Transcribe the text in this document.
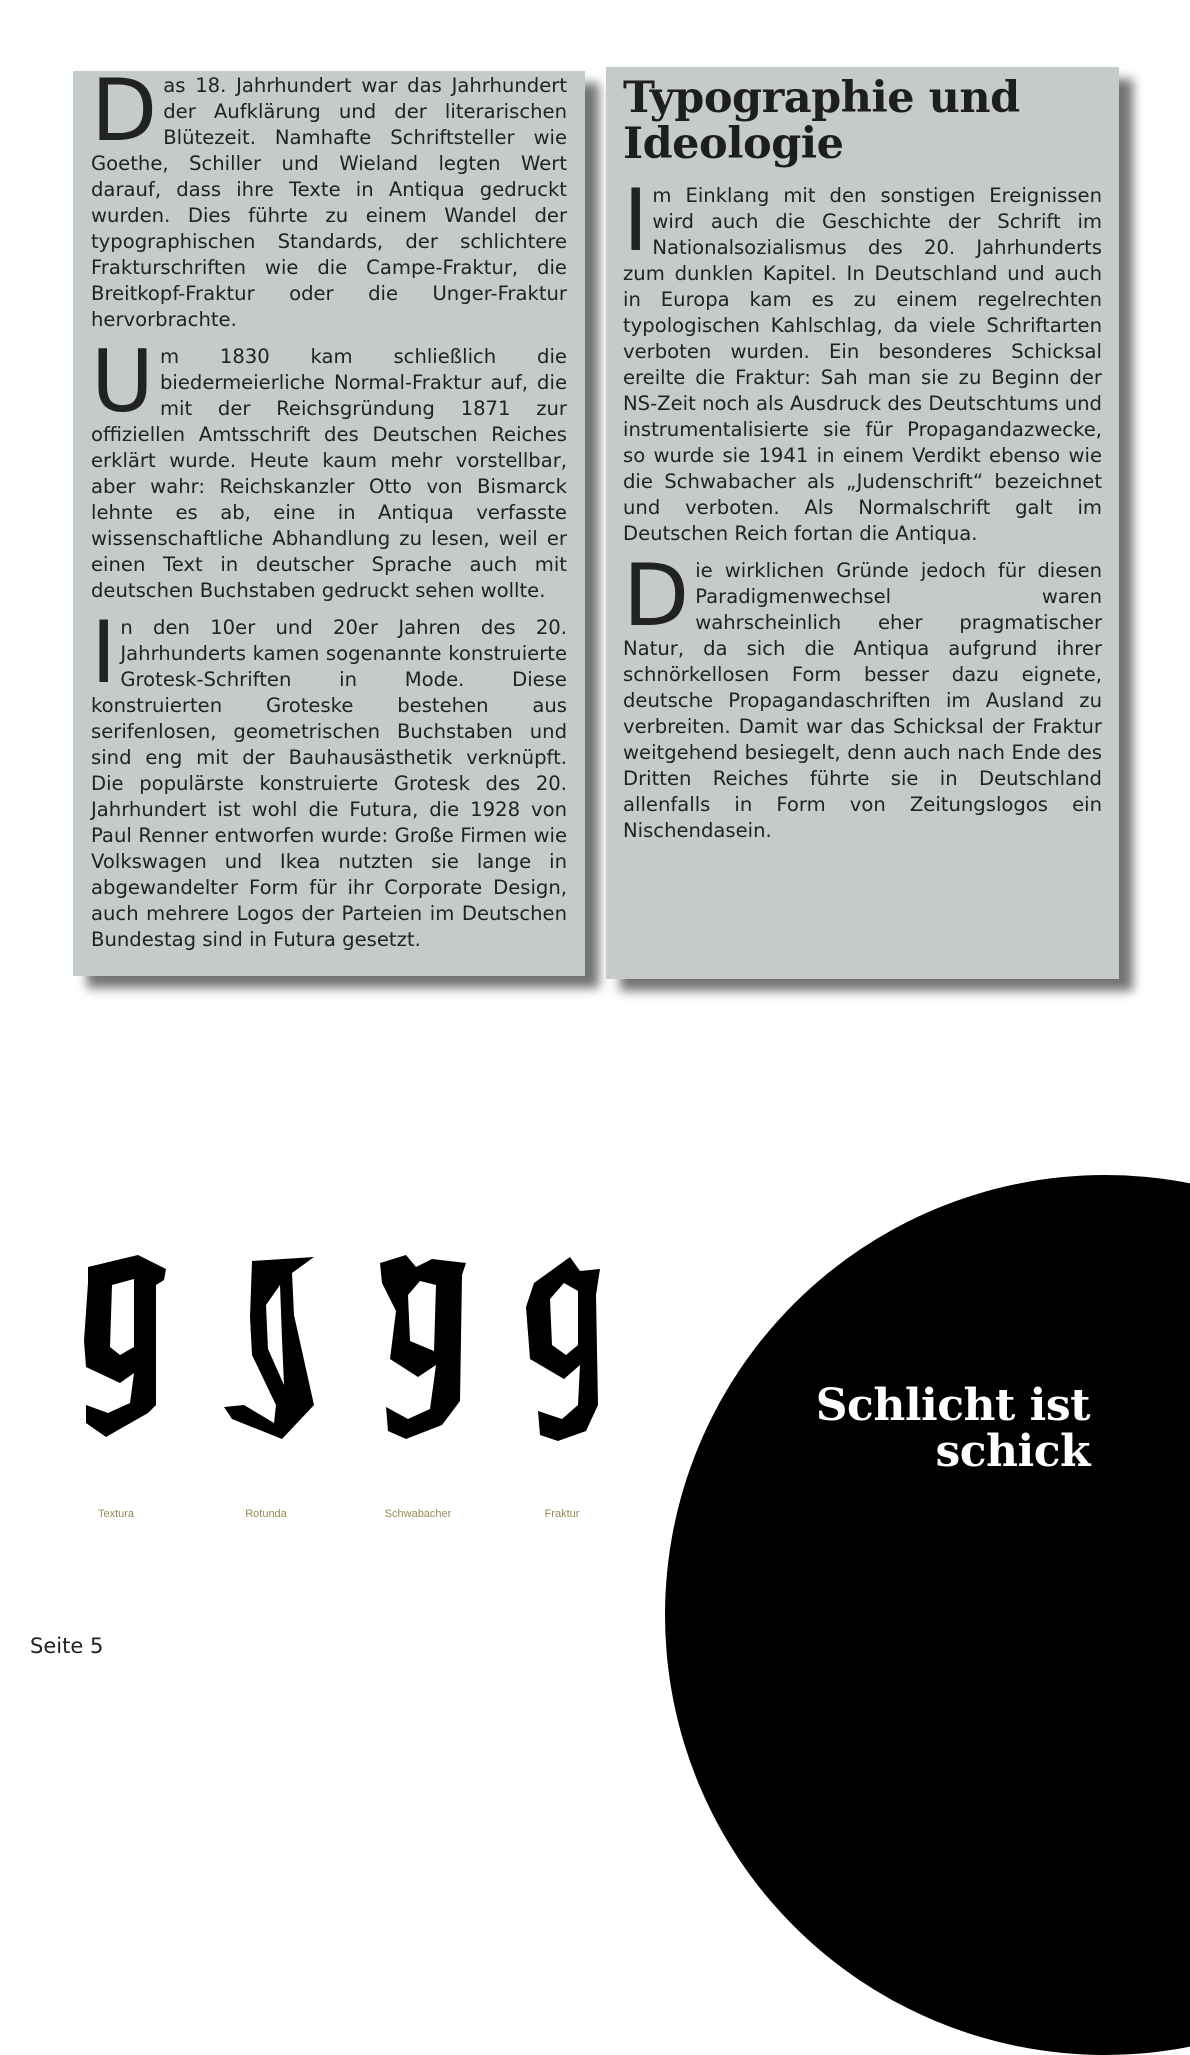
Das 18. Jahrhundert war das Jahrhundert der Aufklärung und der literarischen Blütezeit. Namhafte Schriftsteller wie Goethe, Schiller und Wieland legten Wert darauf, dass ihre Texte in Antiqua gedruckt wurden. Dies führte zu einem Wandel der typographischen Standards, der schlichtere Frakturschriften wie die Campe-Fraktur, die Breitkopf-Fraktur oder die Unger-Fraktur hervorbrachte.

Um 1830 kam schließlich die biedermeierliche Normal-Fraktur auf, die mit der Reichsgründung 1871 zur offiziellen Amtsschrift des Deutschen Reiches erklärt wurde. Heute kaum mehr vorstellbar, aber wahr: Reichskanzler Otto von Bismarck lehnte es ab, eine in Antiqua verfasste wissenschaftliche Abhandlung zu lesen, weil er einen Text in deutscher Sprache auch mit deutschen Buchstaben gedruckt sehen wollte.

In den 10er und 20er Jahren des 20. Jahrhunderts kamen sogenannte konstruierte Grotesk-Schriften in Mode. Diese konstruierten Groteske bestehen aus serifenlosen, geometrischen Buchstaben und sind eng mit der Bauhausästhetik verknüpft. Die populärste konstruierte Grotesk des 20. Jahrhundert ist wohl die Futura, die 1928 von Paul Renner entworfen wurde: Große Firmen wie Volkswagen und Ikea nutzten sie lange in abgewandelter Form für ihr Corporate Design, auch mehrere Logos der Parteien im Deutschen Bundestag sind in Futura gesetzt.

Typographie und Ideologie

Im Einklang mit den sonstigen Ereignissen wird auch die Geschichte der Schrift im Nationalsozialismus des 20. Jahrhunderts zum dunklen Kapitel. In Deutschland und auch in Europa kam es zu einem regelrechten typologischen Kahlschlag, da viele Schriftarten verboten wurden. Ein besonderes Schicksal ereilte die Fraktur: Sah man sie zu Beginn der NS-Zeit noch als Ausdruck des Deutschtums und instrumentalisierte sie für Propagandazwecke, so wurde sie 1941 in einem Verdikt ebenso wie die Schwabacher als „Judenschrift“ bezeichnet und verboten. Als Normalschrift galt im Deutschen Reich fortan die Antiqua.

Die wirklichen Gründe jedoch für diesen Paradigmenwechsel waren wahrscheinlich eher pragmatischer Natur, da sich die Antiqua aufgrund ihrer schnörkellosen Form besser dazu eignete, deutsche Propagandaschriften im Ausland zu verbreiten. Damit war das Schicksal der Fraktur weitgehend besiegelt, denn auch nach Ende des Dritten Reiches führte sie in Deutschland allenfalls in Form von Zeitungslogos ein Nischendasein.

Textura	Rotunda	Schwabacher	Fraktur
Schlicht ist
schick
Seite 5
